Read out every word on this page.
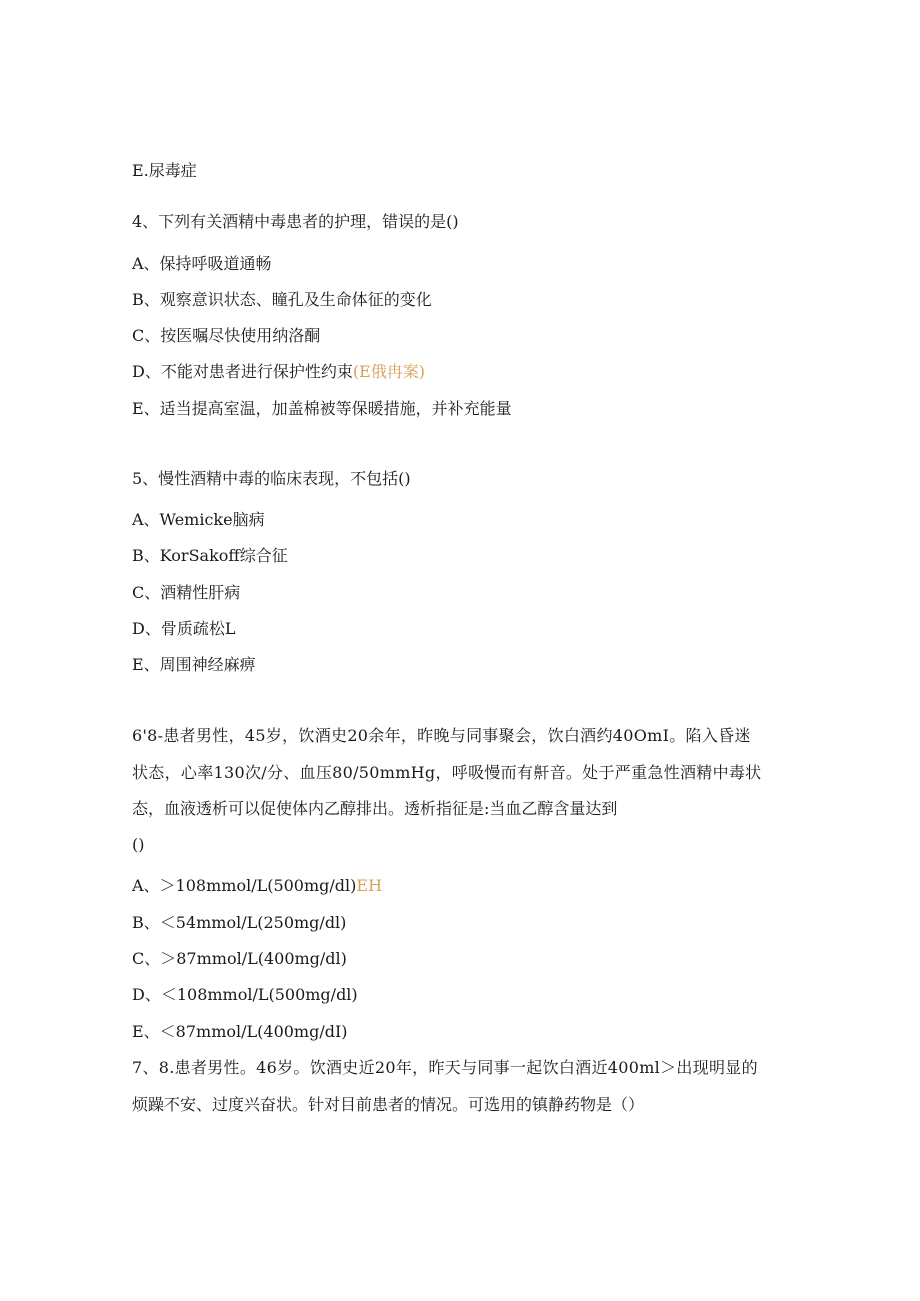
E.尿毒症
4、下列有关酒精中毒患者的护理，错误的是()
A、保持呼吸道通畅
B、观察意识状态、瞳孔及生命体征的变化
C、按医嘱尽快使用纳洛酮
D、不能对患者进行保护性约束(E俄冉案)
E、适当提高室温，加盖棉被等保暖措施，并补充能量
5、慢性酒精中毒的临床表现，不包括()
A、Wemicke脑病
B、KorSakoff综合征
C、酒精性肝病
D、骨质疏松L
E、周围神经麻痹
6'8-患者男性，45岁，饮酒史20余年，昨晚与同事聚会，饮白酒约40OmI。陷入昏迷
状态，心率130次/分、血压80∕50mmHg，呼吸慢而有鼾音。处于严重急性酒精中毒状
态，血液透析可以促使体内乙醇排出。透析指征是:当血乙醇含量达到
()
A、＞108mmol∕L(500mg∕dl)EH
B、＜54mmol∕L(250mg∕dl)
C、＞87mmol∕L(400mg∕dl)
D、＜108mmol∕L(500mg∕dl)
E、＜87mmol∕L(400mg∕dI)
7、8.患者男性。46岁。饮酒史近20年，昨天与同事一起饮白酒近400ml＞出现明显的
烦躁不安、过度兴奋状。针对目前患者的情况。可选用的镇静药物是（）
